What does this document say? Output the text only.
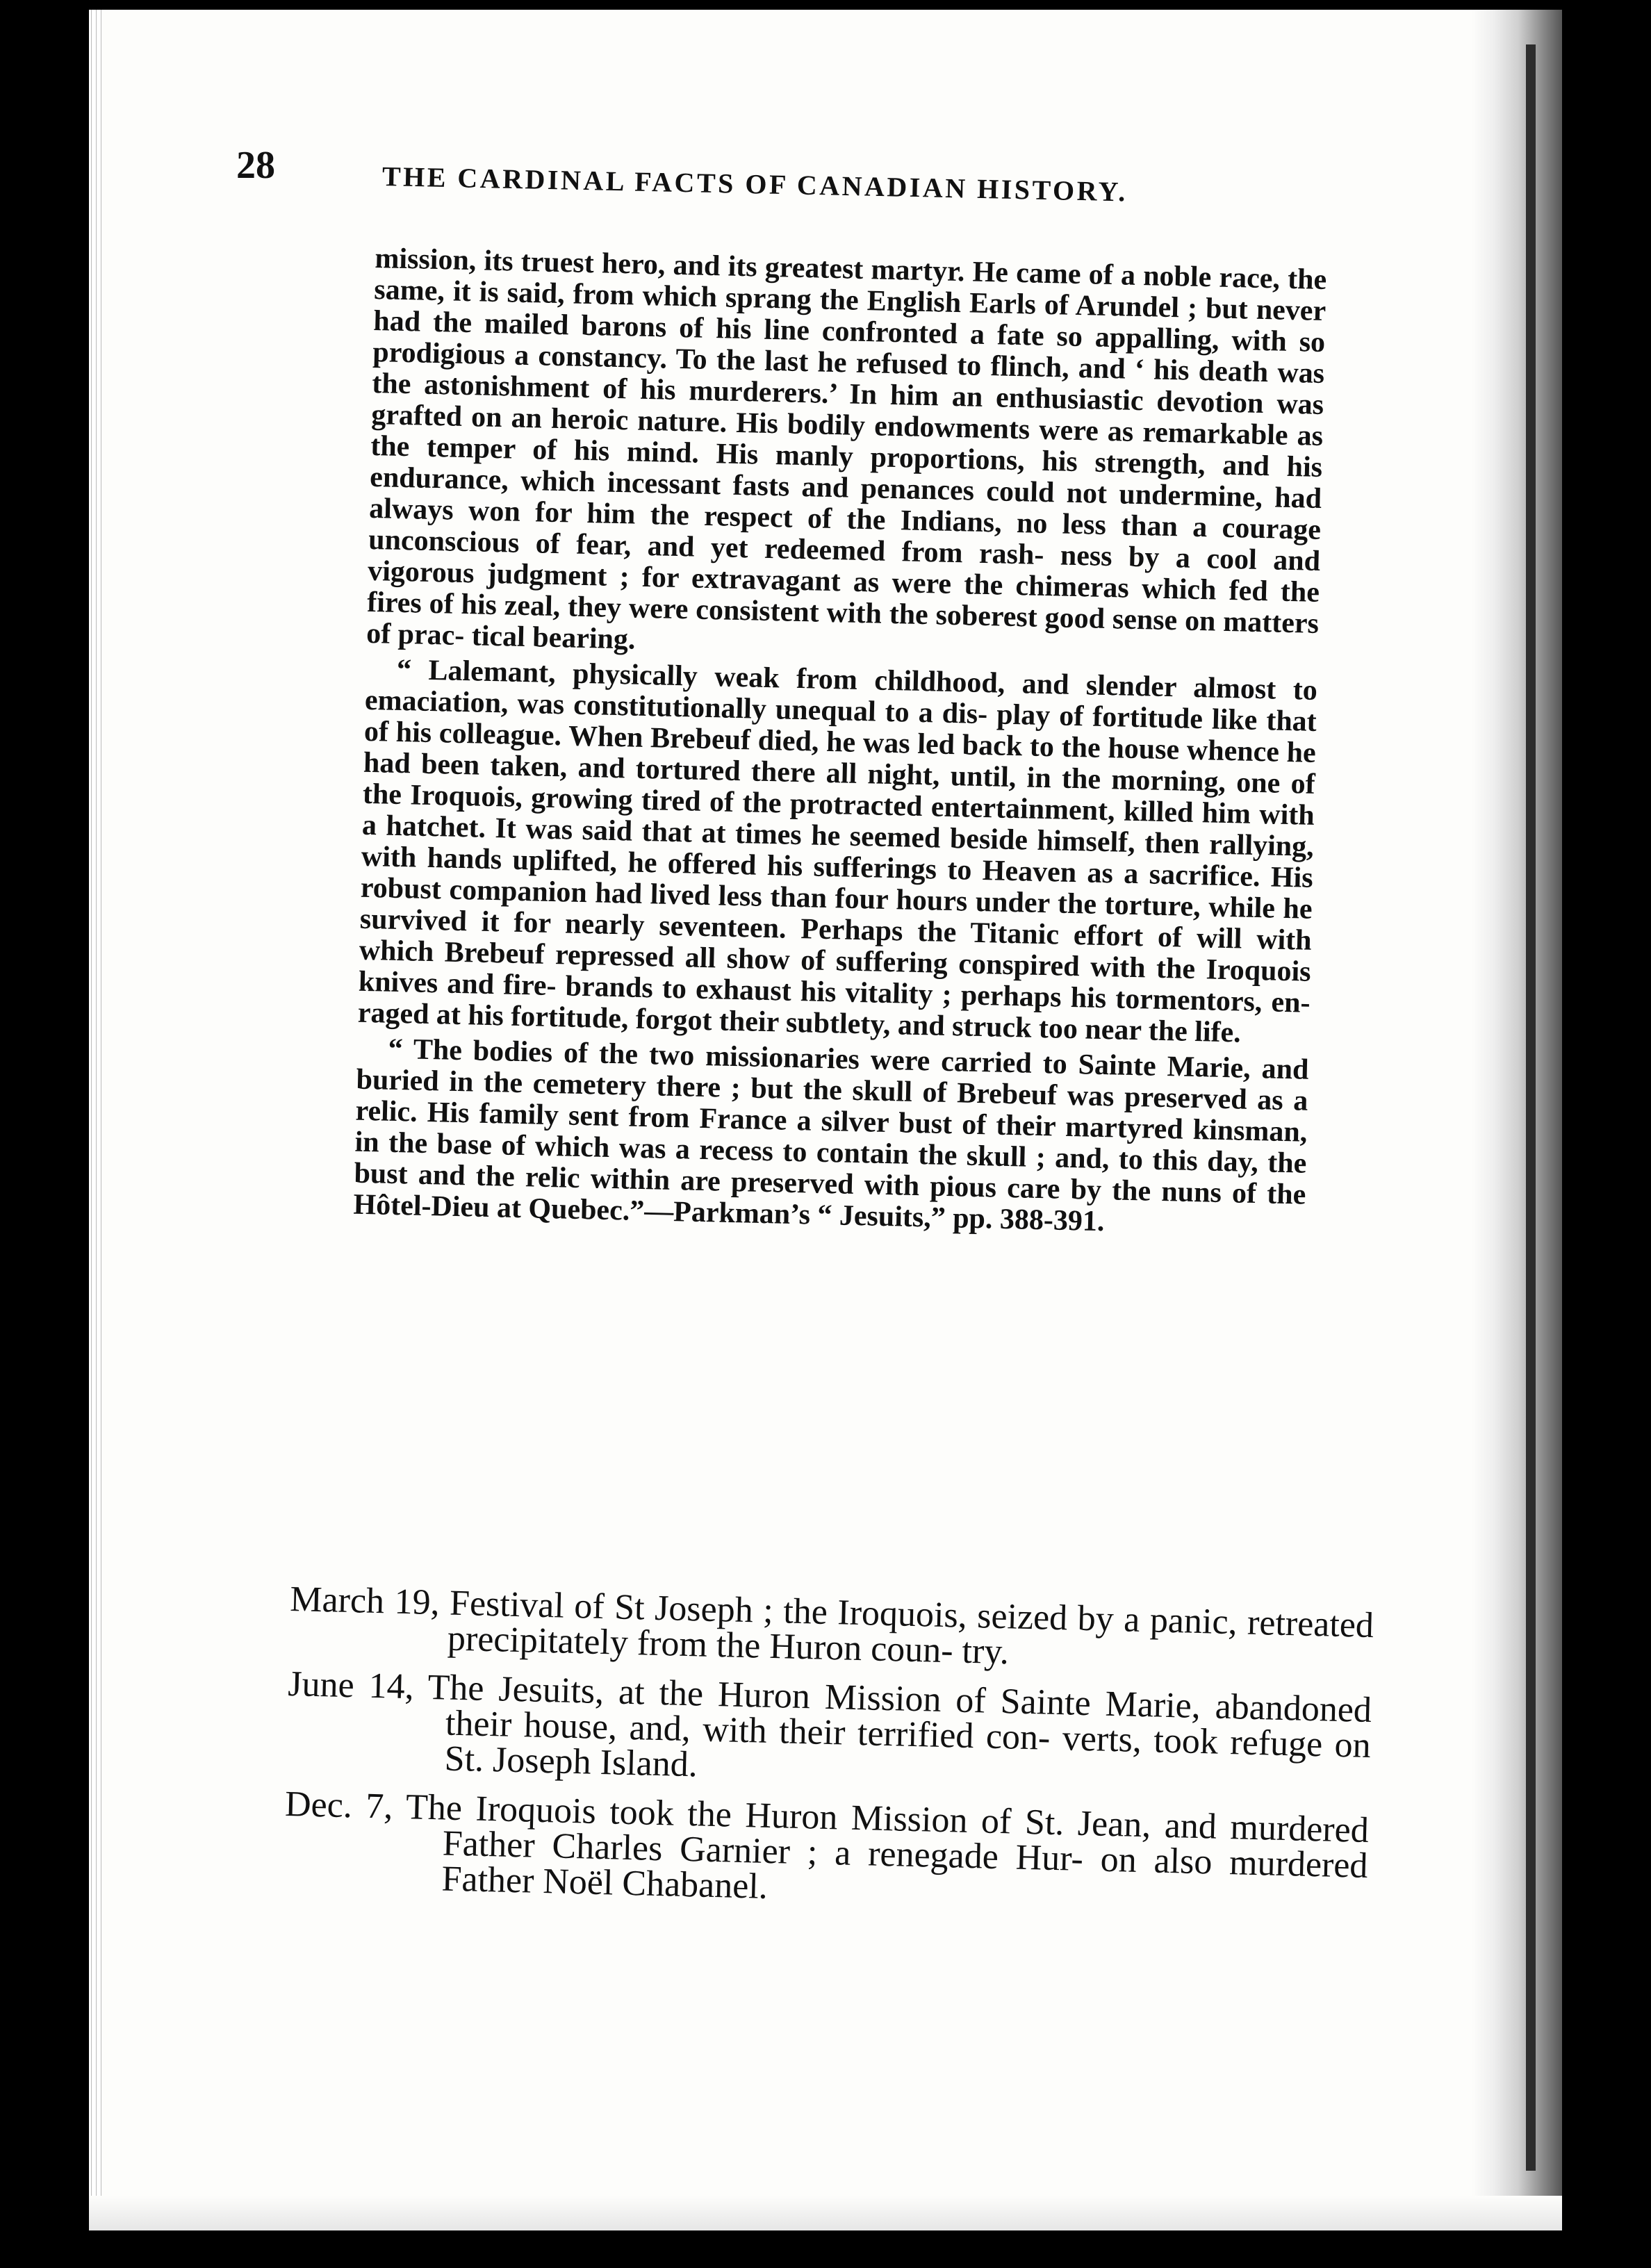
28	THE CARDINAL FACTS OF CANADIAN HISTORY.

mission, its truest hero, and its greatest martyr. He came of a noble race, the same, it is said, from which sprang the English Earls of Arundel ; but never had the mailed barons of his line confronted a fate so appalling, with so prodigious a constancy. To the last he refused to flinch, and ‘ his death was the astonishment of his murderers.’ In him an enthusiastic devotion was grafted on an heroic nature. His bodily endowments were as remarkable as the temper of his mind. His manly proportions, his strength, and his endurance, which incessant fasts and penances could not undermine, had always won for him the respect of the Indians, no less than a courage unconscious of fear, and yet redeemed from rash- ness by a cool and vigorous judgment ; for extravagant as were the chimeras which fed the fires of his zeal, they were consistent with the soberest good sense on matters of prac- tical bearing.

“ Lalemant, physically weak from childhood, and slender almost to emaciation, was constitutionally unequal to a dis- play of fortitude like that of his colleague. When Brebeuf died, he was led back to the house whence he had been taken, and tortured there all night, until, in the morning, one of the Iroquois, growing tired of the protracted entertainment, killed him with a hatchet. It was said that at times he seemed beside himself, then rallying, with hands uplifted, he offered his sufferings to Heaven as a sacrifice. His robust companion had lived less than four hours under the torture, while he survived it for nearly seventeen. Perhaps the Titanic effort of will with which Brebeuf repressed all show of suffering conspired with the Iroquois knives and fire- brands to exhaust his vitality ; perhaps his tormentors, en- raged at his fortitude, forgot their subtlety, and struck too near the life.

“ The bodies of the two missionaries were carried to Sainte Marie, and buried in the cemetery there ; but the skull of Brebeuf was preserved as a relic. His family sent from France a silver bust of their martyred kinsman, in the base of which was a recess to contain the skull ; and, to this day, the bust and the relic within are preserved with pious care by the nuns of the Hôtel-Dieu at Quebec.”—Parkman’s “ Jesuits,” pp. 388-391.

March 19, Festival of St Joseph ; the Iroquois, seized by a panic, retreated precipitately from the Huron coun- try.

June 14, The Jesuits, at the Huron Mission of Sainte Marie, abandoned their house, and, with their terrified con- verts, took refuge on St. Joseph Island.

Dec. 7, The Iroquois took the Huron Mission of St. Jean, and murdered Father Charles Garnier ; a renegade Hur- on also murdered Father Noël Chabanel.
